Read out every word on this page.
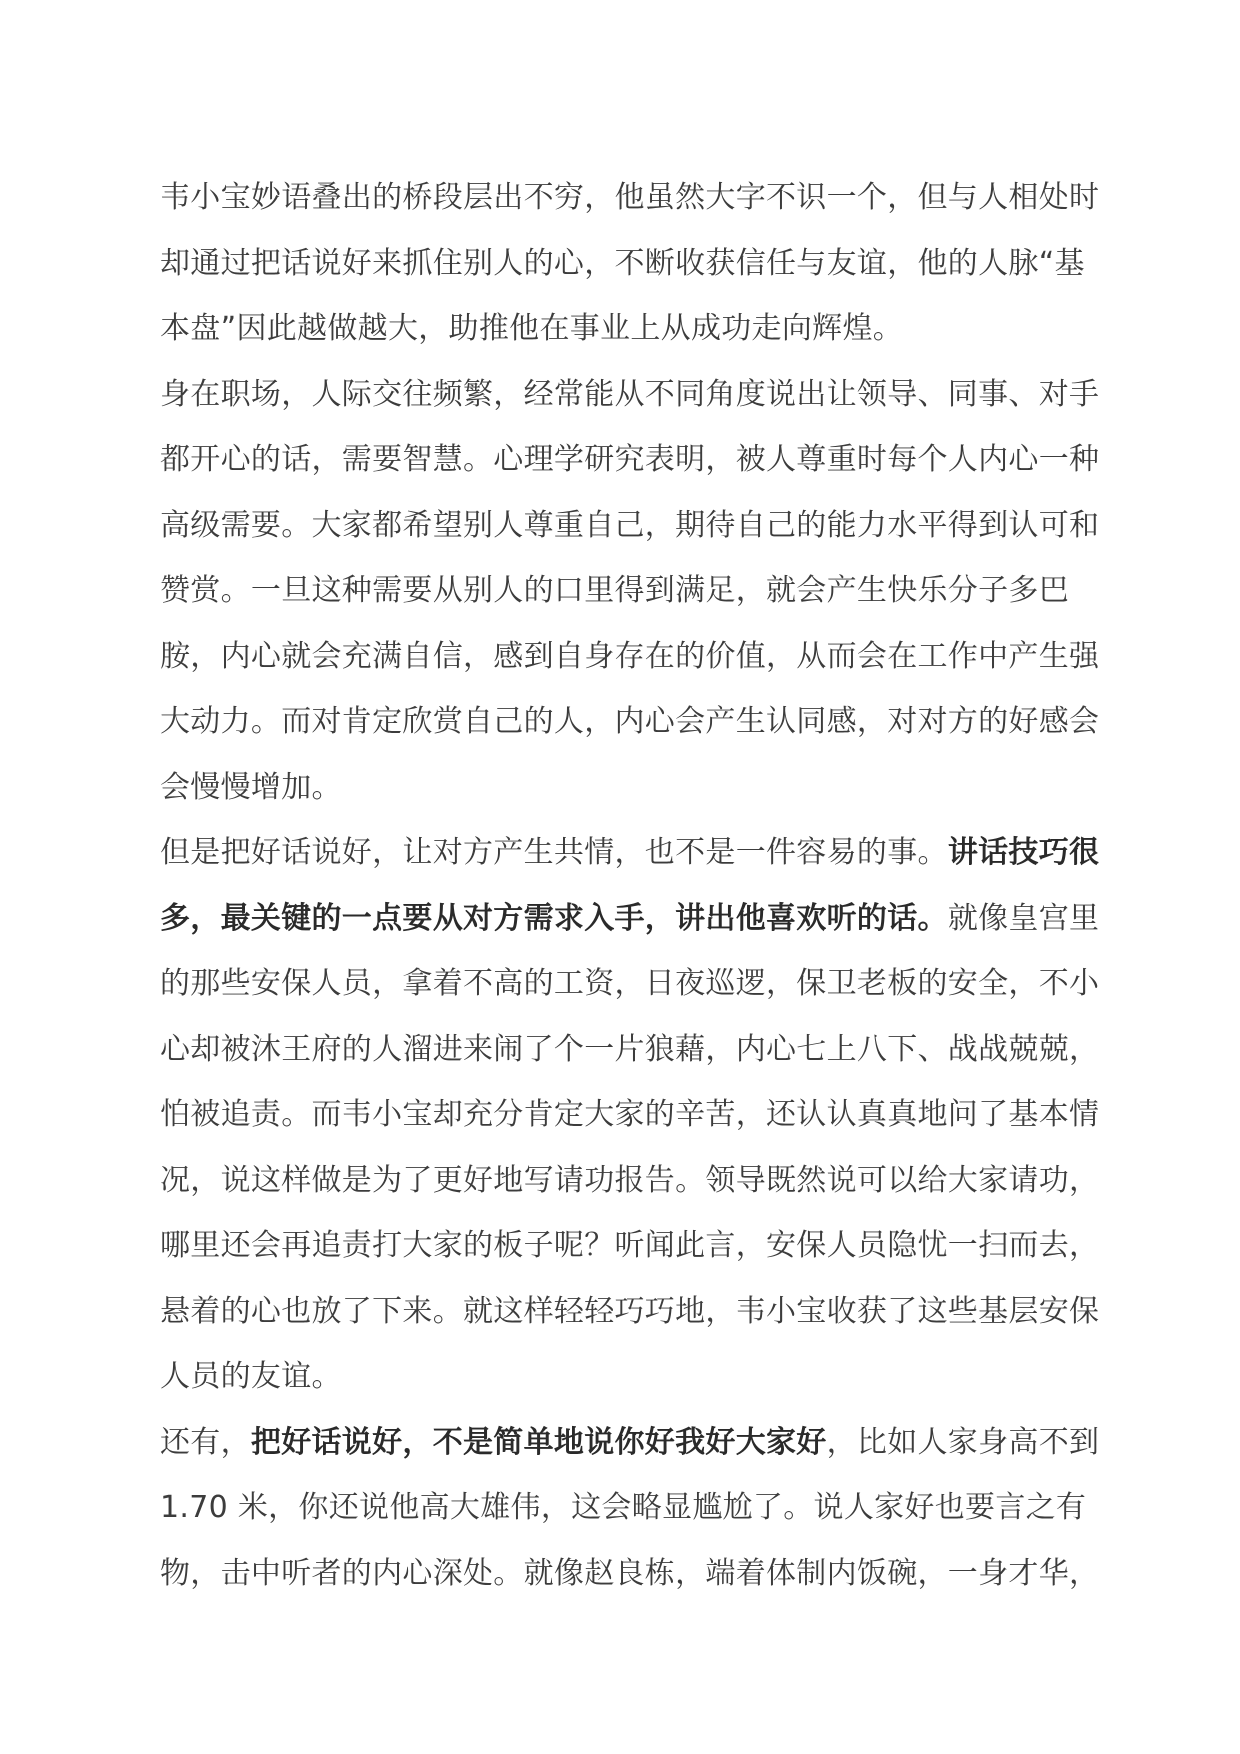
韦小宝妙语叠出的桥段层出不穷，他虽然大字不识一个，但与人相处时却通过把话说好来抓住别人的心，不断收获信任与友谊，他的人脉“基本盘”因此越做越大，助推他在事业上从成功走向辉煌。

身在职场，人际交往频繁，经常能从不同角度说出让领导、同事、对手都开心的话，需要智慧。心理学研究表明，被人尊重时每个人内心一种高级需要。大家都希望别人尊重自己，期待自己的能力水平得到认可和赞赏。一旦这种需要从别人的口里得到满足，就会产生快乐分子多巴胺，内心就会充满自信，感到自身存在的价值，从而会在工作中产生强大动力。而对肯定欣赏自己的人，内心会产生认同感，对对方的好感会会慢慢增加。

但是把好话说好，让对方产生共情，也不是一件容易的事。讲话技巧很多，最关键的一点要从对方需求入手，讲出他喜欢听的话。就像皇宫里的那些安保人员，拿着不高的工资，日夜巡逻，保卫老板的安全，不小心却被沐王府的人溜进来闹了个一片狼藉，内心七上八下、战战兢兢，怕被追责。而韦小宝却充分肯定大家的辛苦，还认认真真地问了基本情况，说这样做是为了更好地写请功报告。领导既然说可以给大家请功，哪里还会再追责打大家的板子呢？听闻此言，安保人员隐忧一扫而去，悬着的心也放了下来。就这样轻轻巧巧地，韦小宝收获了这些基层安保人员的友谊。

还有，把好话说好，不是简单地说你好我好大家好，比如人家身高不到 1.70 米，你还说他高大雄伟，这会略显尴尬了。说人家好也要言之有物，击中听者的内心深处。就像赵良栋，端着体制内饭碗，一身才华，
